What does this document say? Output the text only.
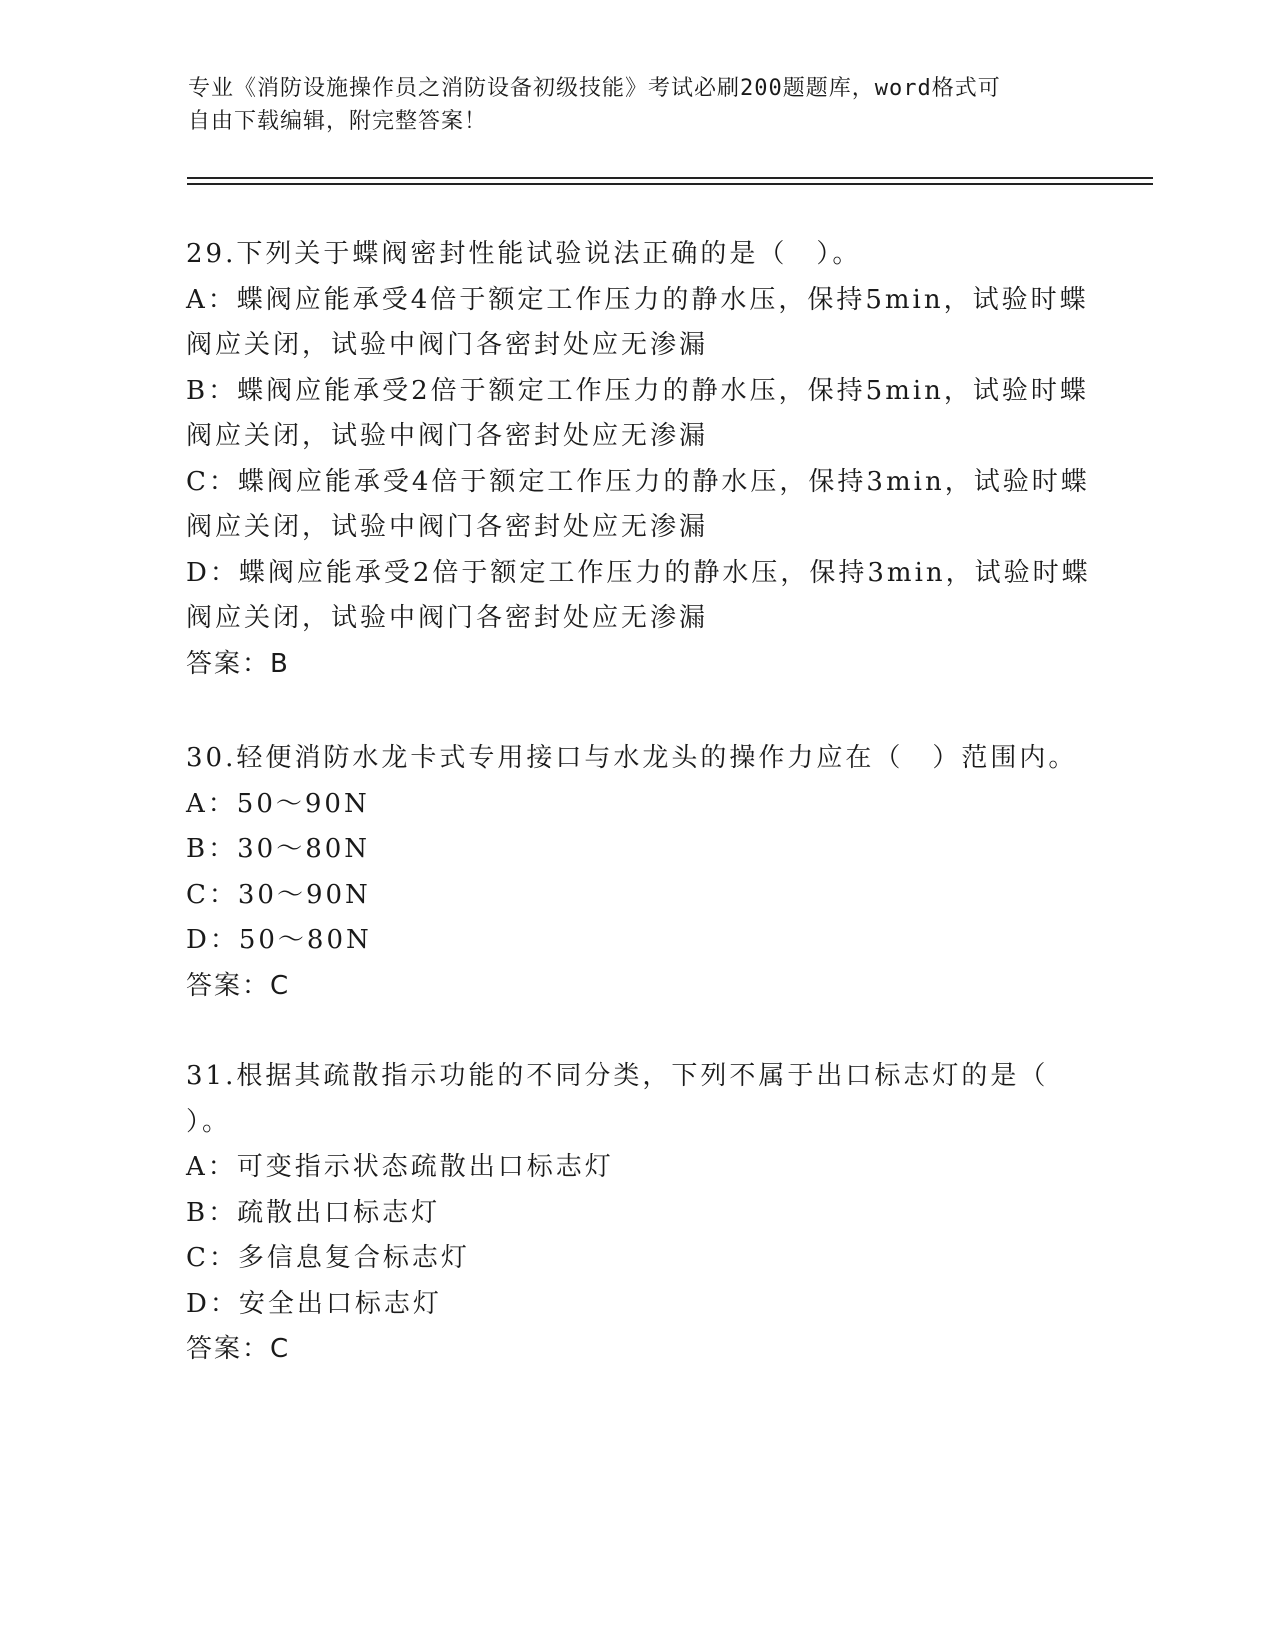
专业《消防设施操作员之消防设备初级技能》考试必刷200题题库，word格式可
自由下载编辑，附完整答案！
29.下列关于蝶阀密封性能试验说法正确的是（　）。
A：蝶阀应能承受4倍于额定工作压力的静水压，保持5min，试验时蝶
阀应关闭，试验中阀门各密封处应无渗漏
B：蝶阀应能承受2倍于额定工作压力的静水压，保持5min，试验时蝶
阀应关闭，试验中阀门各密封处应无渗漏
C：蝶阀应能承受4倍于额定工作压力的静水压，保持3min，试验时蝶
阀应关闭，试验中阀门各密封处应无渗漏
D：蝶阀应能承受2倍于额定工作压力的静水压，保持3min，试验时蝶
阀应关闭，试验中阀门各密封处应无渗漏
答案：B
30.轻便消防水龙卡式专用接口与水龙头的操作力应在（　）范围内。
A：50～90N
B：30～80N
C：30～90N
D：50～80N
答案：C
31.根据其疏散指示功能的不同分类，下列不属于出口标志灯的是（
）。
A：可变指示状态疏散出口标志灯
B：疏散出口标志灯
C：多信息复合标志灯
D：安全出口标志灯
答案：C
